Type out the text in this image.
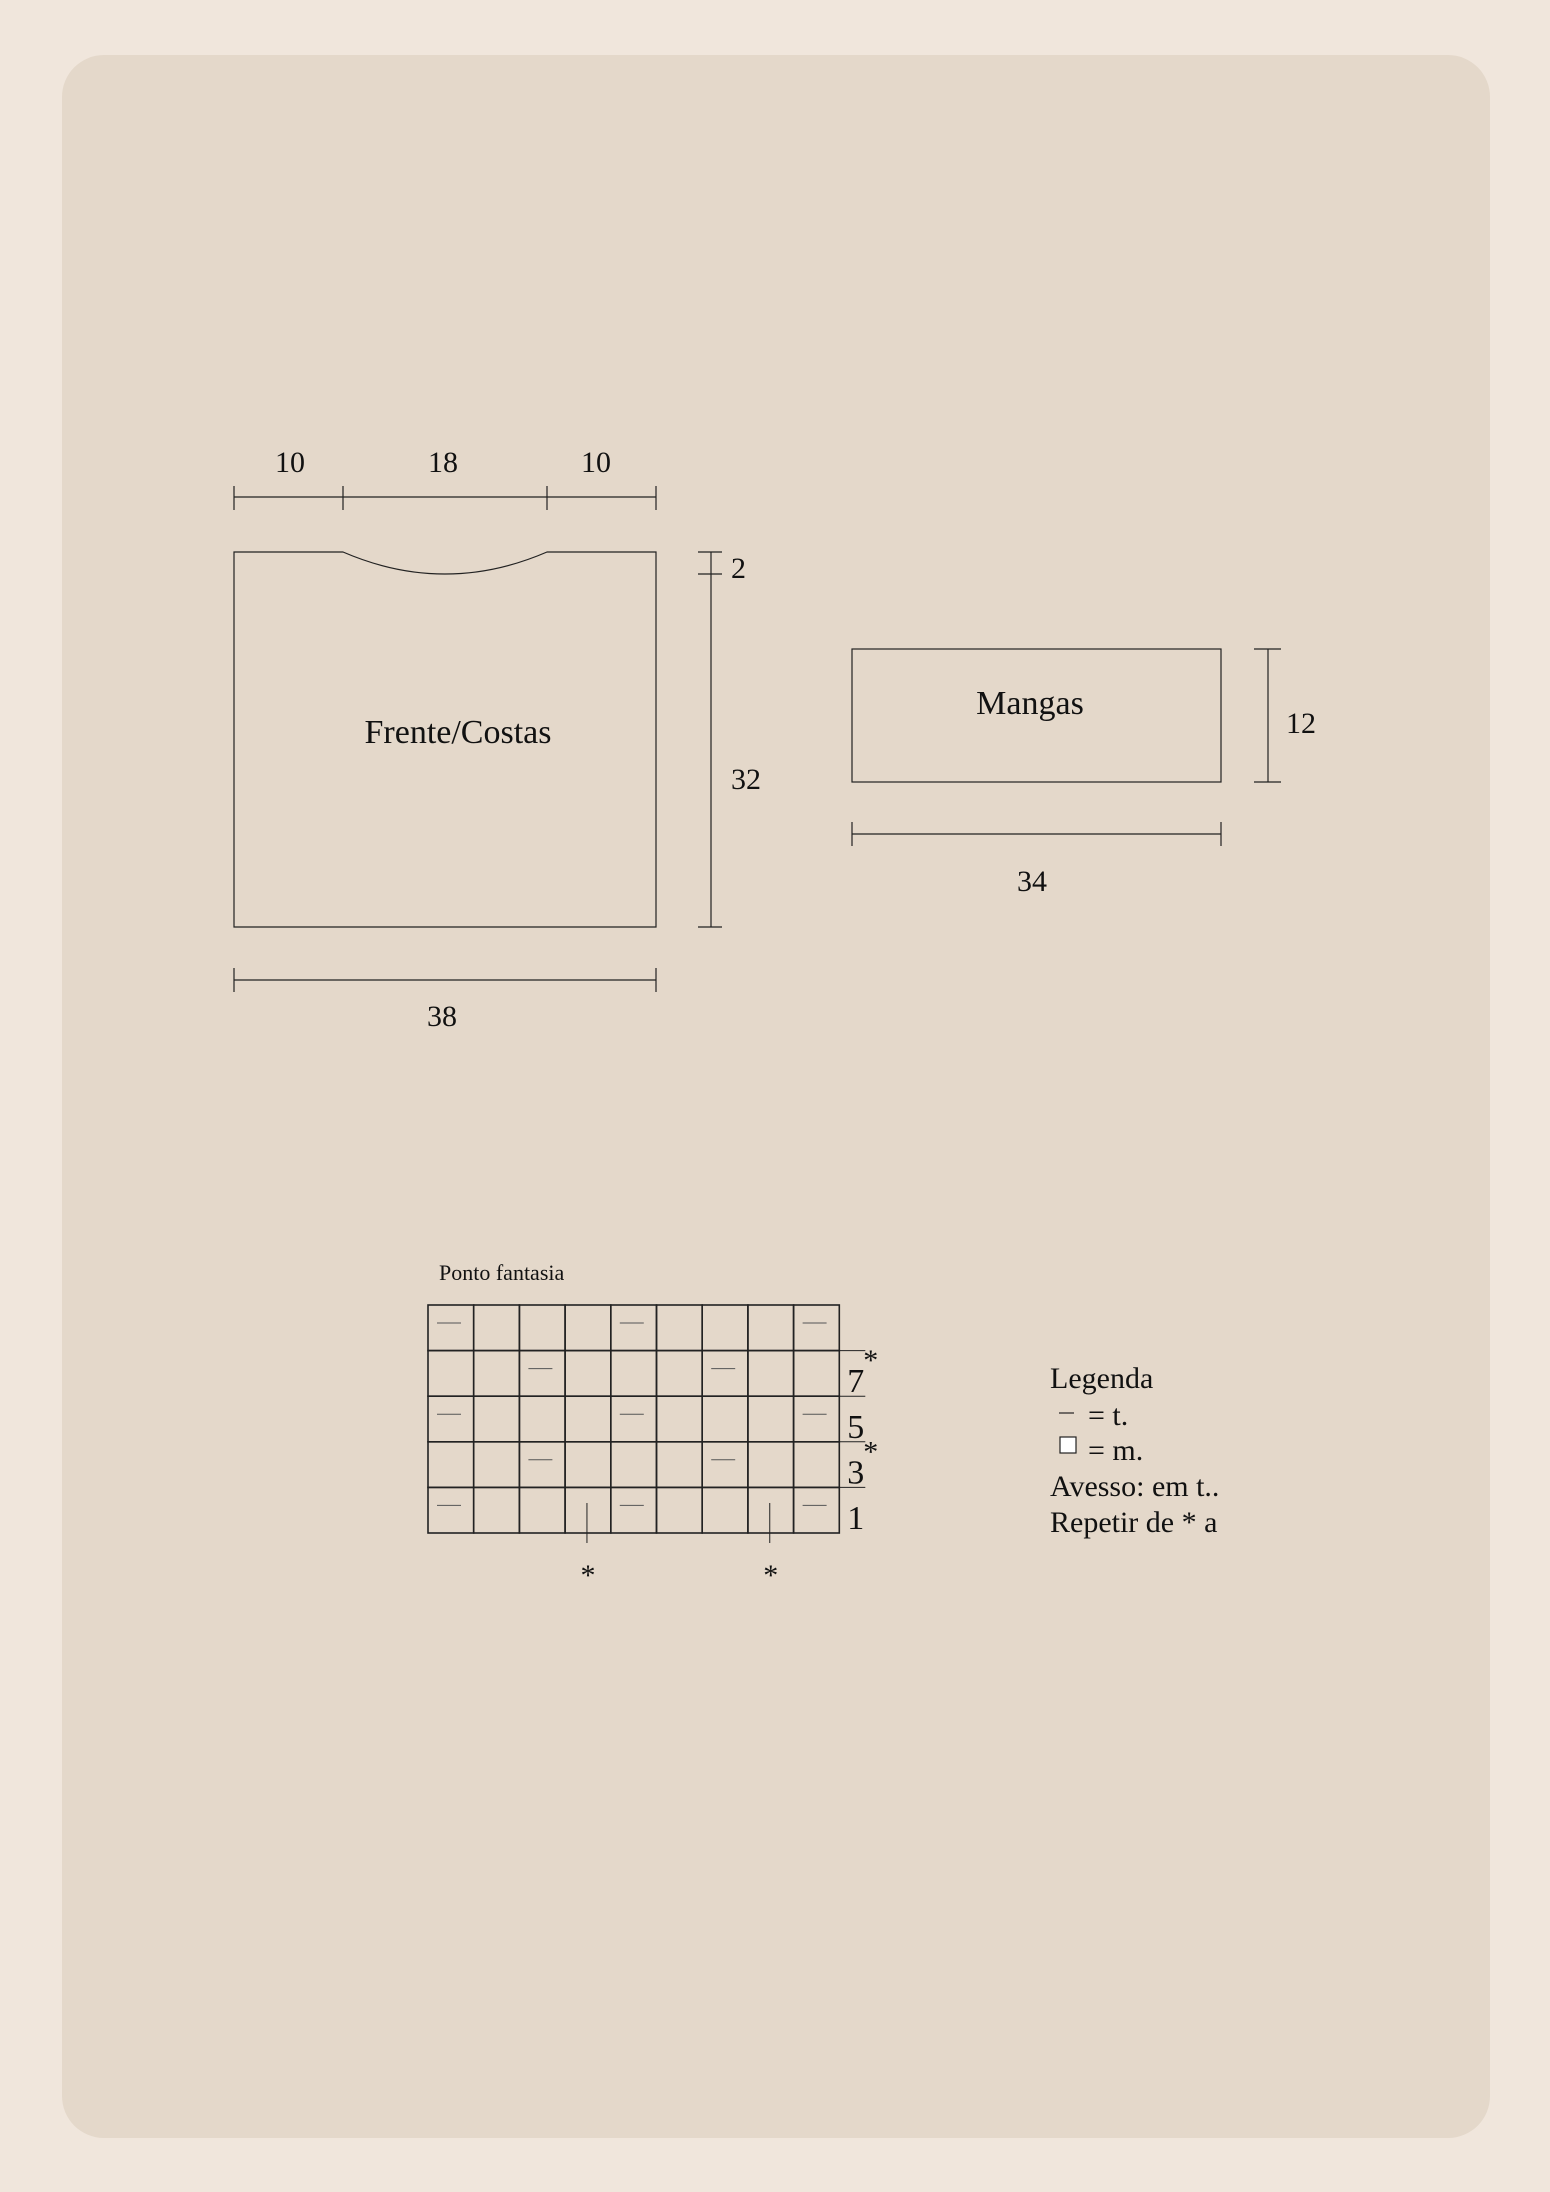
Frente/Costas
10	18	10
2
32
38
Mangas
12
34
Ponto fantasia
7
*
5
3
*
1
*	*
Legenda
= t.
= m.
Avesso: em t..
Repetir de * a
